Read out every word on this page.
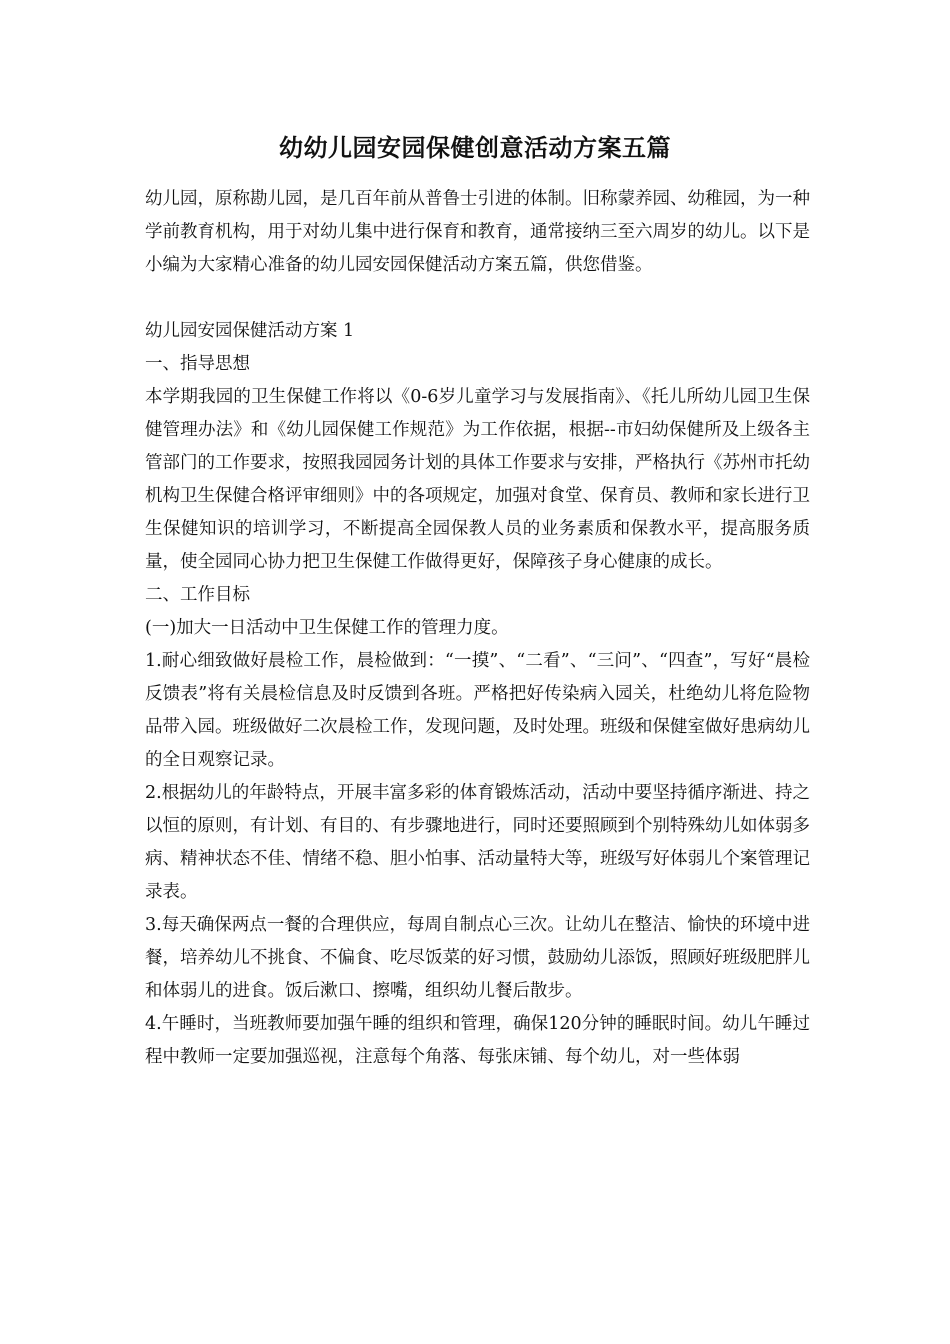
幼幼儿园安园保健创意活动方案五篇

幼儿园，原称勘儿园，是几百年前从普鲁士引进的体制。旧称蒙养园、幼稚园，为一种学前教育机构，用于对幼儿集中进行保育和教育，通常接纳三至六周岁的幼儿。以下是小编为大家精心准备的幼儿园安园保健活动方案五篇，供您借鉴。

幼儿园安园保健活动方案 1

一、指导思想

本学期我园的卫生保健工作将以《0-6岁儿童学习与发展指南》、《托儿所幼儿园卫生保健管理办法》和《幼儿园保健工作规范》为工作依据，根据--市妇幼保健所及上级各主管部门的工作要求，按照我园园务计划的具体工作要求与安排，严格执行《苏州市托幼机构卫生保健合格评审细则》中的各项规定，加强对食堂、保育员、教师和家长进行卫生保健知识的培训学习，不断提高全园保教人员的业务素质和保教水平，提高服务质量，使全园同心协力把卫生保健工作做得更好，保障孩子身心健康的成长。

二、工作目标

(一)加大一日活动中卫生保健工作的管理力度。

1.耐心细致做好晨检工作，晨检做到：“一摸”、“二看”、“三问”、“四查”，写好“晨检反馈表”将有关晨检信息及时反馈到各班。严格把好传染病入园关，杜绝幼儿将危险物品带入园。班级做好二次晨检工作，发现问题，及时处理。班级和保健室做好患病幼儿的全日观察记录。

2.根据幼儿的年龄特点，开展丰富多彩的体育锻炼活动，活动中要坚持循序渐进、持之以恒的原则，有计划、有目的、有步骤地进行，同时还要照顾到个别特殊幼儿如体弱多病、精神状态不佳、情绪不稳、胆小怕事、活动量特大等，班级写好体弱儿个案管理记录表。

3.每天确保两点一餐的合理供应，每周自制点心三次。让幼儿在整洁、愉快的环境中进餐，培养幼儿不挑食、不偏食、吃尽饭菜的好习惯，鼓励幼儿添饭，照顾好班级肥胖儿和体弱儿的进食。饭后漱口、擦嘴，组织幼儿餐后散步。

4.午睡时，当班教师要加强午睡的组织和管理，确保120分钟的睡眠时间。幼儿午睡过程中教师一定要加强巡视，注意每个角落、每张床铺、每个幼儿，对一些体弱
